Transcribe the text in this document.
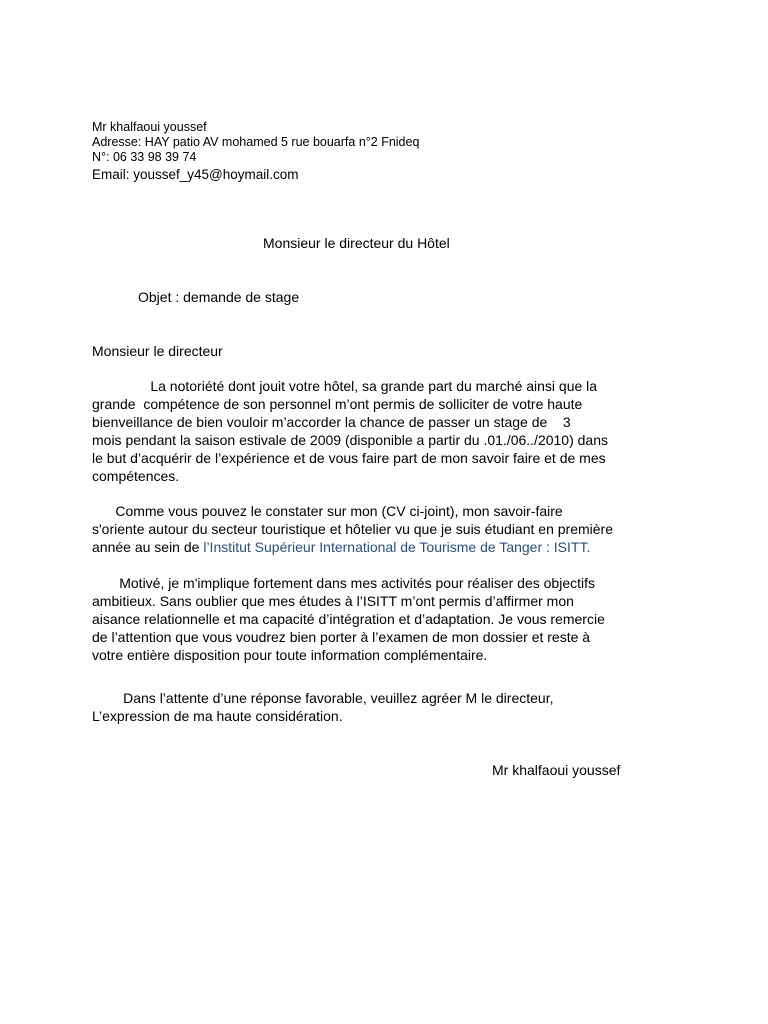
Mr khalfaoui youssef
Adresse: HAY patio AV mohamed 5 rue bouarfa n°2 Fnideq
N°: 06 33 98 39 74
Email: youssef_y45@hoymail.com
Monsieur le directeur du Hôtel
Objet : demande de stage
Monsieur le directeur
La notoriété dont jouit votre hôtel, sa grande part du marché ainsi que la
grande  compétence de son personnel m’ont permis de solliciter de votre haute
bienveillance de bien vouloir m’accorder la chance de passer un stage de    3
mois pendant la saison estivale de 2009 (disponible a partir du .01./06../2010) dans
le but d’acquérir de l’expérience et de vous faire part de mon savoir faire et de mes
compétences.
Comme vous pouvez le constater sur mon (CV ci-joint), mon savoir-faire
s'oriente autour du secteur touristique et hôtelier vu que je suis étudiant en première
année au sein de l’Institut Supérieur International de Tourisme de Tanger : ISITT.
Motivé, je m'implique fortement dans mes activités pour réaliser des objectifs
ambitieux. Sans oublier que mes études à l’ISITT m’ont permis d’affirmer mon
aisance relationnelle et ma capacité d’intégration et d’adaptation. Je vous remercie
de l’attention que vous voudrez bien porter à l’examen de mon dossier et reste à
votre entière disposition pour toute information complémentaire.
Dans l’attente d’une réponse favorable, veuillez agréer M le directeur,
L’expression de ma haute considération.
Mr khalfaoui youssef
